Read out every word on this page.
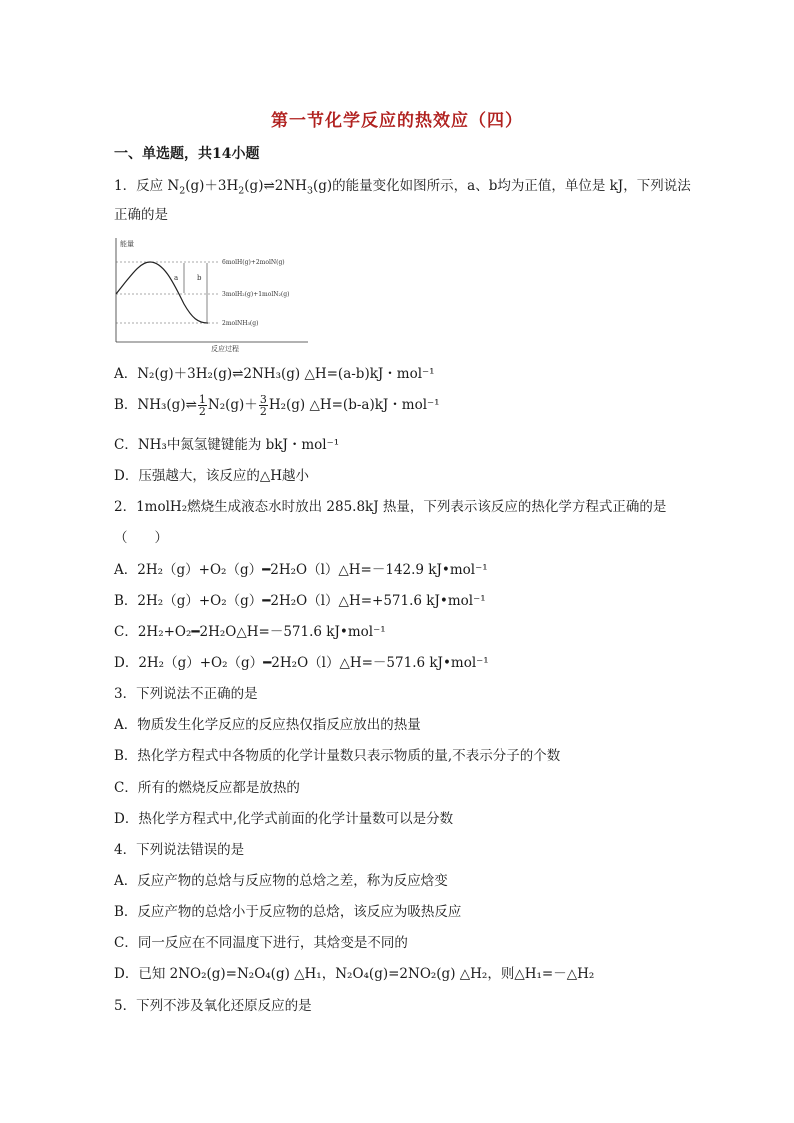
第一节化学反应的热效应（四）
一、单选题，共14小题
1．反应 $N_2(g)+3H_2(g)\rightleftharpoons 2NH_3(g)$的能量变化如图所示，a、b均为正值，单位是 kJ，下列说法
正确的是
a	b
能量
反应过程
6molH(g)+2molN(g)
3molH₂(g)+1molN₂(g)
2molNH₃(g)
A．N₂(g)＋3H₂(g)⇌2NH₃(g) △H=(a-b)kJ・mol⁻¹
B．NH₃(g)⇌ $\frac{1}{2} N_2(g)+ \frac{3}{2} H_2(g)$ △H=(b-a)kJ・mol⁻¹
C．NH₃中氮氢键键能为 bkJ・mol⁻¹
D．压强越大，该反应的△H越小
2．1molH₂燃烧生成液态水时放出 285.8kJ 热量，下列表示该反应的热化学方程式正确的是
（　　）
A．2H₂（g）+O₂（g）━2H₂O（l）△H=－142.9 kJ•mol⁻¹
B．2H₂（g）+O₂（g）━2H₂O（l）△H=+571.6 kJ•mol⁻¹
C．2H₂+O₂━2H₂O△H=－571.6 kJ•mol⁻¹
D．2H₂（g）+O₂（g）━2H₂O（l）△H=－571.6 kJ•mol⁻¹
3．下列说法不正确的是
A．物质发生化学反应的反应热仅指反应放出的热量
B．热化学方程式中各物质的化学计量数只表示物质的量,不表示分子的个数
C．所有的燃烧反应都是放热的
D．热化学方程式中,化学式前面的化学计量数可以是分数
4．下列说法错误的是
A．反应产物的总焓与反应物的总焓之差，称为反应焓变
B．反应产物的总焓小于反应物的总焓，该反应为吸热反应
C．同一反应在不同温度下进行，其焓变是不同的
D．已知 2NO₂(g)=N₂O₄(g) △H₁，N₂O₄(g)=2NO₂(g) △H₂，则△H₁=－△H₂
5．下列不涉及氧化还原反应的是
